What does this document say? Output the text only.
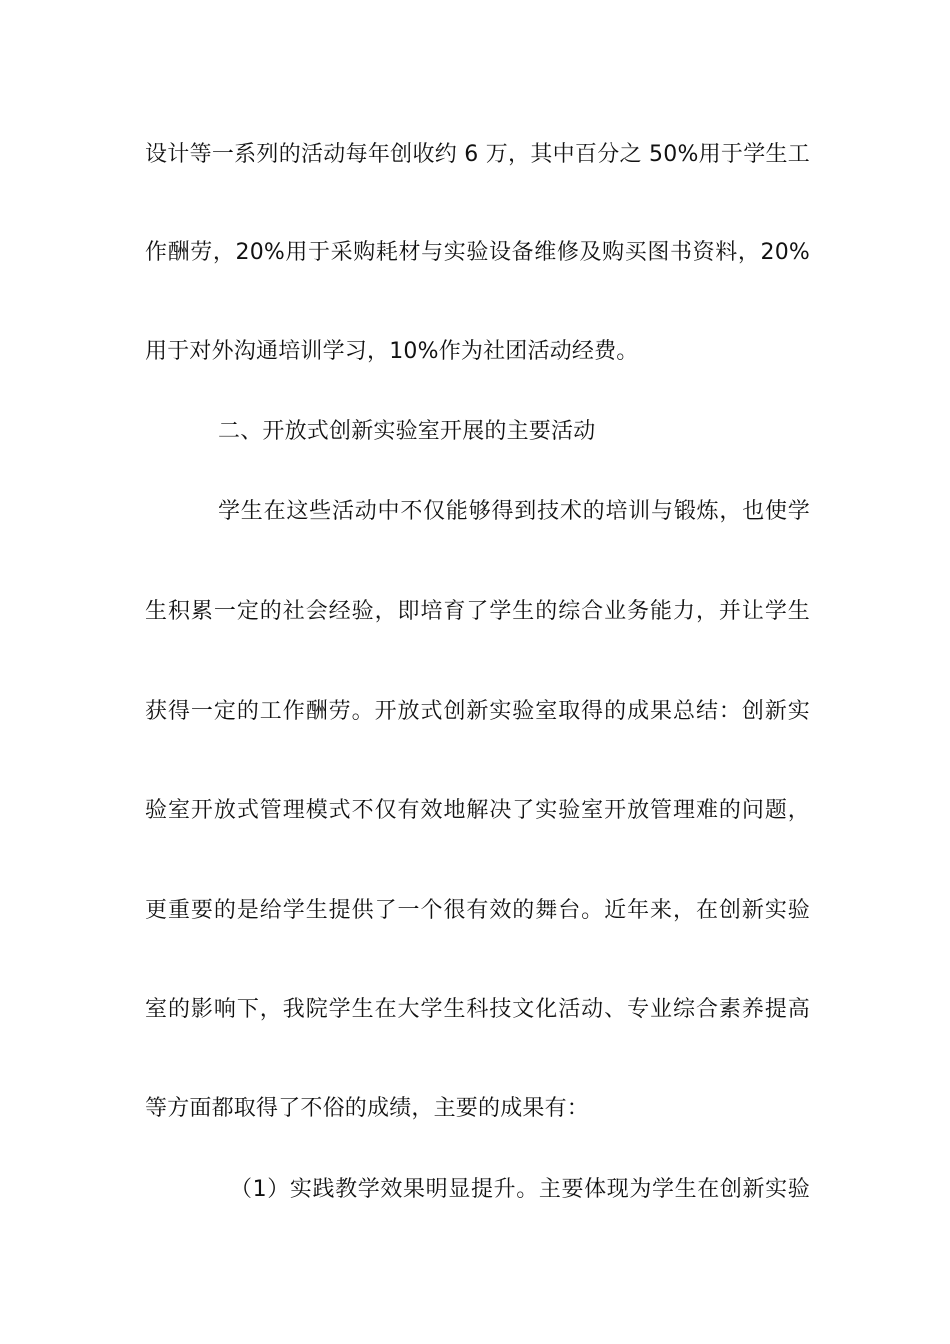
设计等一系列的活动每年创收约 6 万，其中百分之 50%用于学生工
作酬劳，20%用于采购耗材与实验设备维修及购买图书资料，20%
用于对外沟通培训学习，10%作为社团活动经费。
二、开放式创新实验室开展的主要活动
学生在这些活动中不仅能够得到技术的培训与锻炼，也使学
生积累一定的社会经验，即培育了学生的综合业务能力，并让学生
获得一定的工作酬劳。开放式创新实验室取得的成果总结：创新实
验室开放式管理模式不仅有效地解决了实验室开放管理难的问题，
更重要的是给学生提供了一个很有效的舞台。近年来，在创新实验
室的影响下，我院学生在大学生科技文化活动、专业综合素养提高
等方面都取得了不俗的成绩，主要的成果有：
（1）实践教学效果明显提升。主要体现为学生在创新实验
